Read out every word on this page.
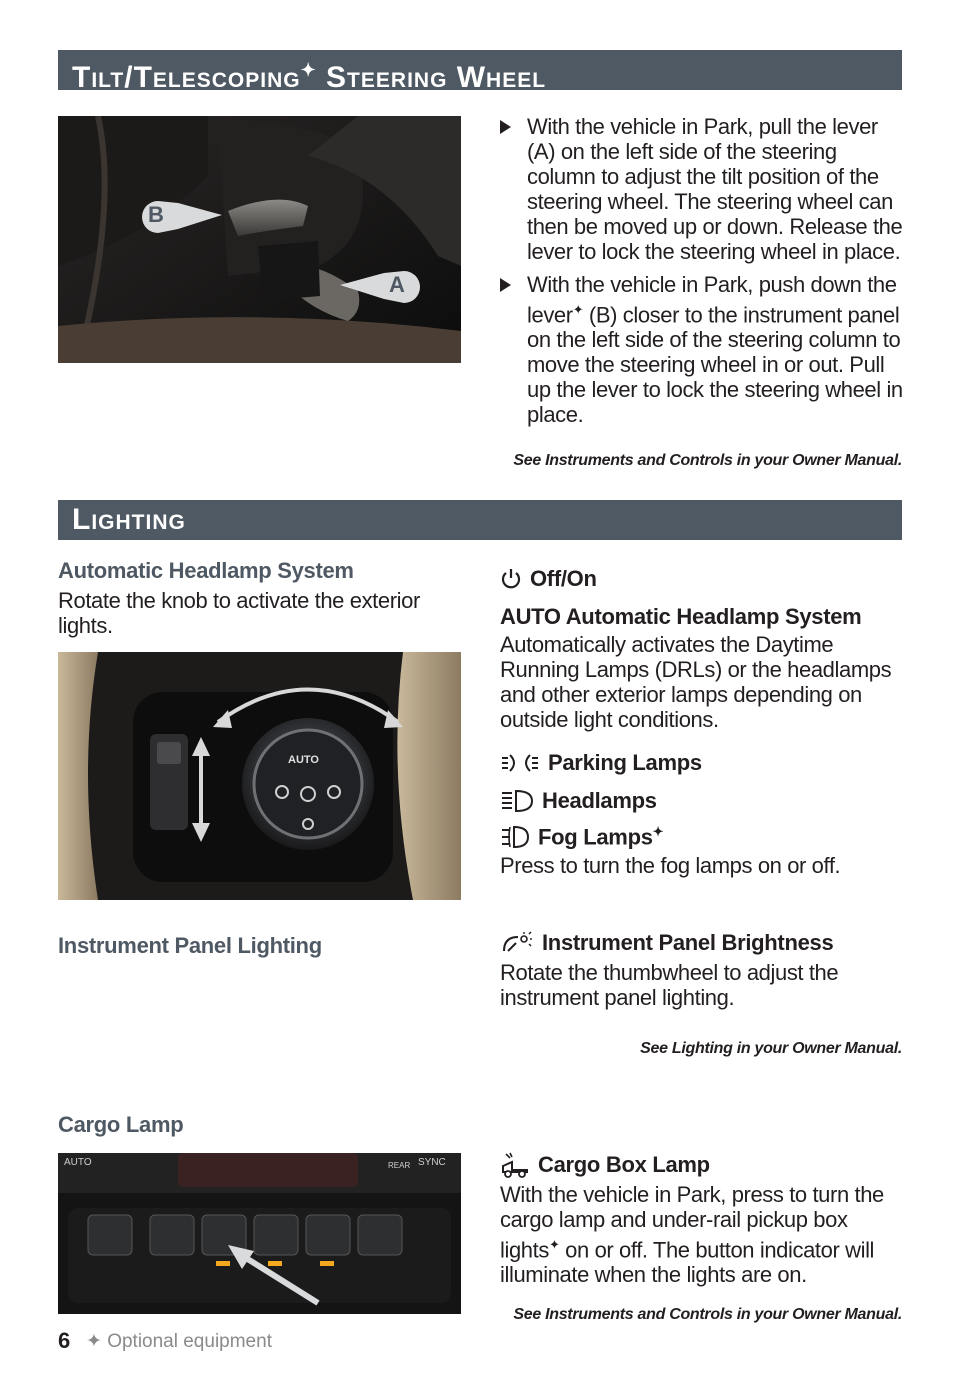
Tilt/Telescoping✦ Steering Wheel
B
A
With the vehicle in Park, pull the lever (A) on the left side of the steering column to adjust the tilt position of the steering wheel. The steering wheel can then be moved up or down. Release the lever to lock the steering wheel in place.
With the vehicle in Park, push down the lever✦ (B) closer to the instrument panel on the left side of the steering column to move the steering wheel in or out. Pull up the lever to lock the steering wheel in place.
See Instruments and Controls in your Owner Manual.
Lighting
Automatic Headlamp System
Rotate the knob to activate the exterior lights.
AUTO
Off/On
AUTO Automatic Headlamp System
Automatically activates the Daytime Running Lamps (DRLs) or the headlamps and other exterior lamps depending on outside light conditions.
Parking Lamps
Headlamps
Fog Lamps✦
Press to turn the fog lamps on or off.
Instrument Panel Lighting	Instrument Panel Brightness
Rotate the thumbwheel to adjust the instrument panel lighting.
See Lighting in your Owner Manual.
Cargo Lamp
AUTO	SYNC
REAR	Cargo Box Lamp
With the vehicle in Park, press to turn the cargo lamp and under-rail pickup box lights✦ on or off. The button indicator will illuminate when the lights are on.
See Instruments and Controls in your Owner Manual.
6 ✦ Optional equipment
